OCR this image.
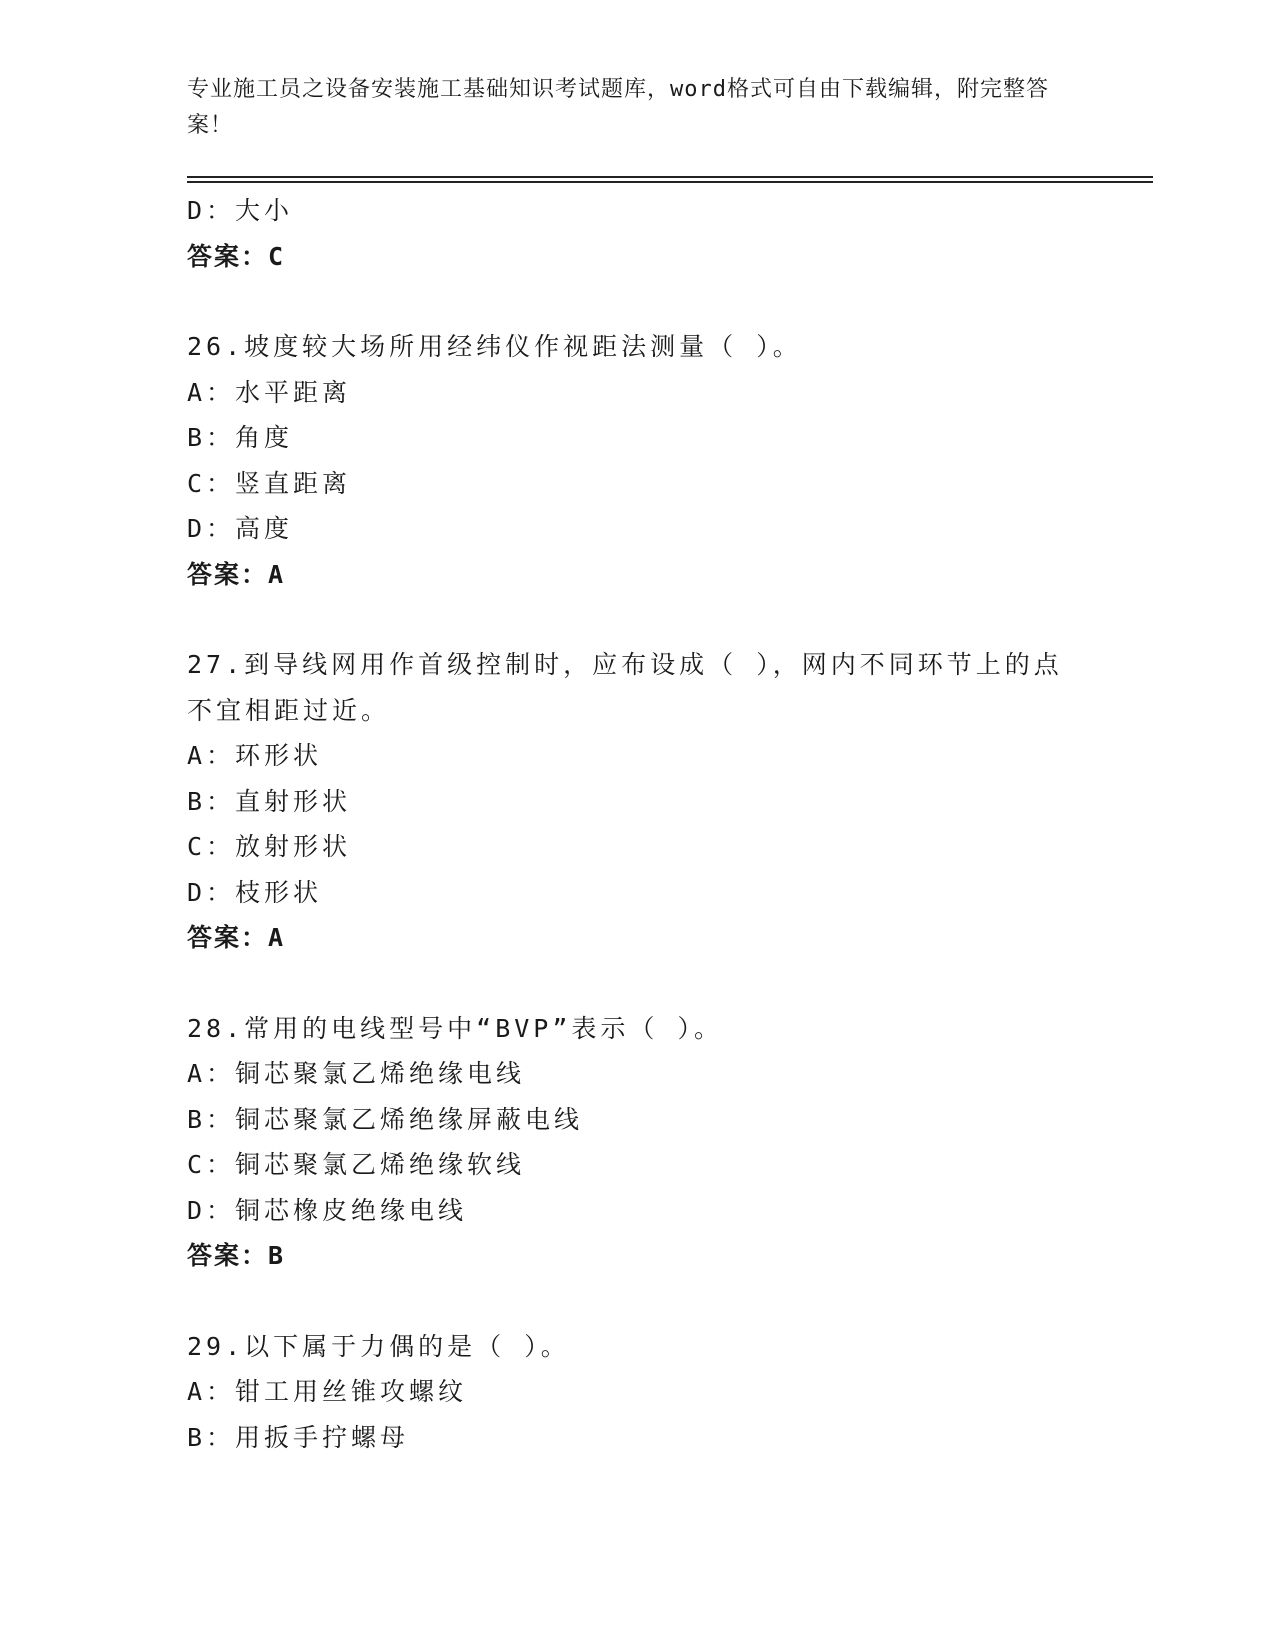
专业施工员之设备安装施工基础知识考试题库，word格式可自由下载编辑，附完整答案！
D：大小
答案：C
26.坡度较大场所用经纬仪作视距法测量（ ）。
A：水平距离
B：角度
C：竖直距离
D：高度
答案：A
27.到导线网用作首级控制时，应布设成（ ），网内不同环节上的点
不宜相距过近。
A：环形状
B：直射形状
C：放射形状
D：枝形状
答案：A
28.常用的电线型号中“BVP”表示（ ）。
A：铜芯聚氯乙烯绝缘电线
B：铜芯聚氯乙烯绝缘屏蔽电线
C：铜芯聚氯乙烯绝缘软线
D：铜芯橡皮绝缘电线
答案：B
29.以下属于力偶的是（ ）。
A：钳工用丝锥攻螺纹
B：用扳手拧螺母
